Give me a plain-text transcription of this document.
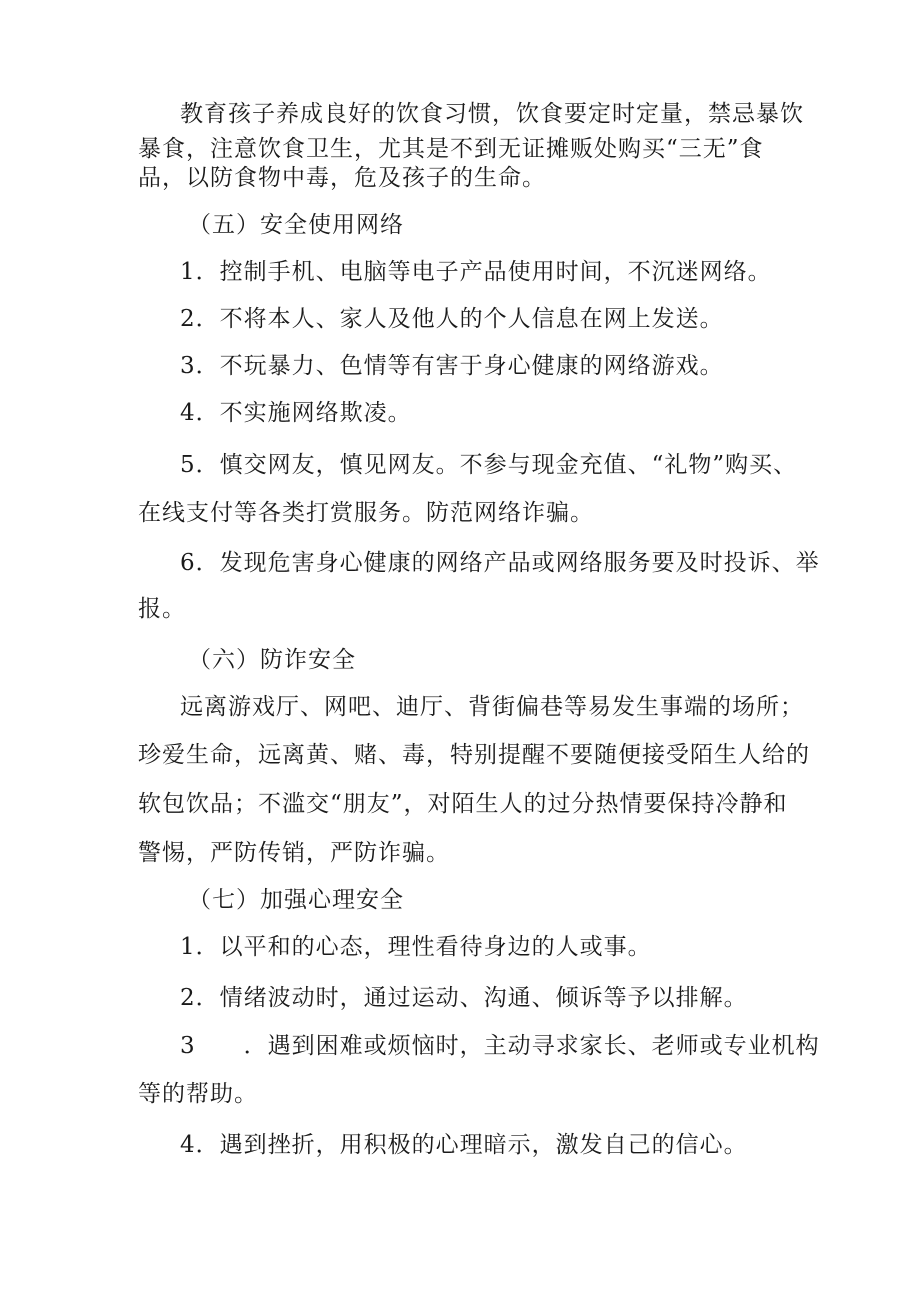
教育孩子养成良好的饮食习惯，饮食要定时定量，禁忌暴饮
暴食，注意饮食卫生，尤其是不到无证摊贩处购买“三无”食
品，以防食物中毒，危及孩子的生命。
（五）安全使用网络
1．控制手机、电脑等电子产品使用时间，不沉迷网络。
2．不将本人、家人及他人的个人信息在网上发送。
3．不玩暴力、色情等有害于身心健康的网络游戏。
4．不实施网络欺凌。
5．慎交网友，慎见网友。不参与现金充值、“礼物”购买、
在线支付等各类打赏服务。防范网络诈骗。
6．发现危害身心健康的网络产品或网络服务要及时投诉、举
报。
（六）防诈安全
远离游戏厅、网吧、迪厅、背街偏巷等易发生事端的场所；
珍爱生命，远离黄、赌、毒，特别提醒不要随便接受陌生人给的
软包饮品；不滥交“朋友”，对陌生人的过分热情要保持冷静和
警惕，严防传销，严防诈骗。
（七）加强心理安全
1．以平和的心态，理性看待身边的人或事。
2．情绪波动时，通过运动、沟通、倾诉等予以排解。
3　　．遇到困难或烦恼时，主动寻求家长、老师或专业机构
等的帮助。
4．遇到挫折，用积极的心理暗示，激发自己的信心。
